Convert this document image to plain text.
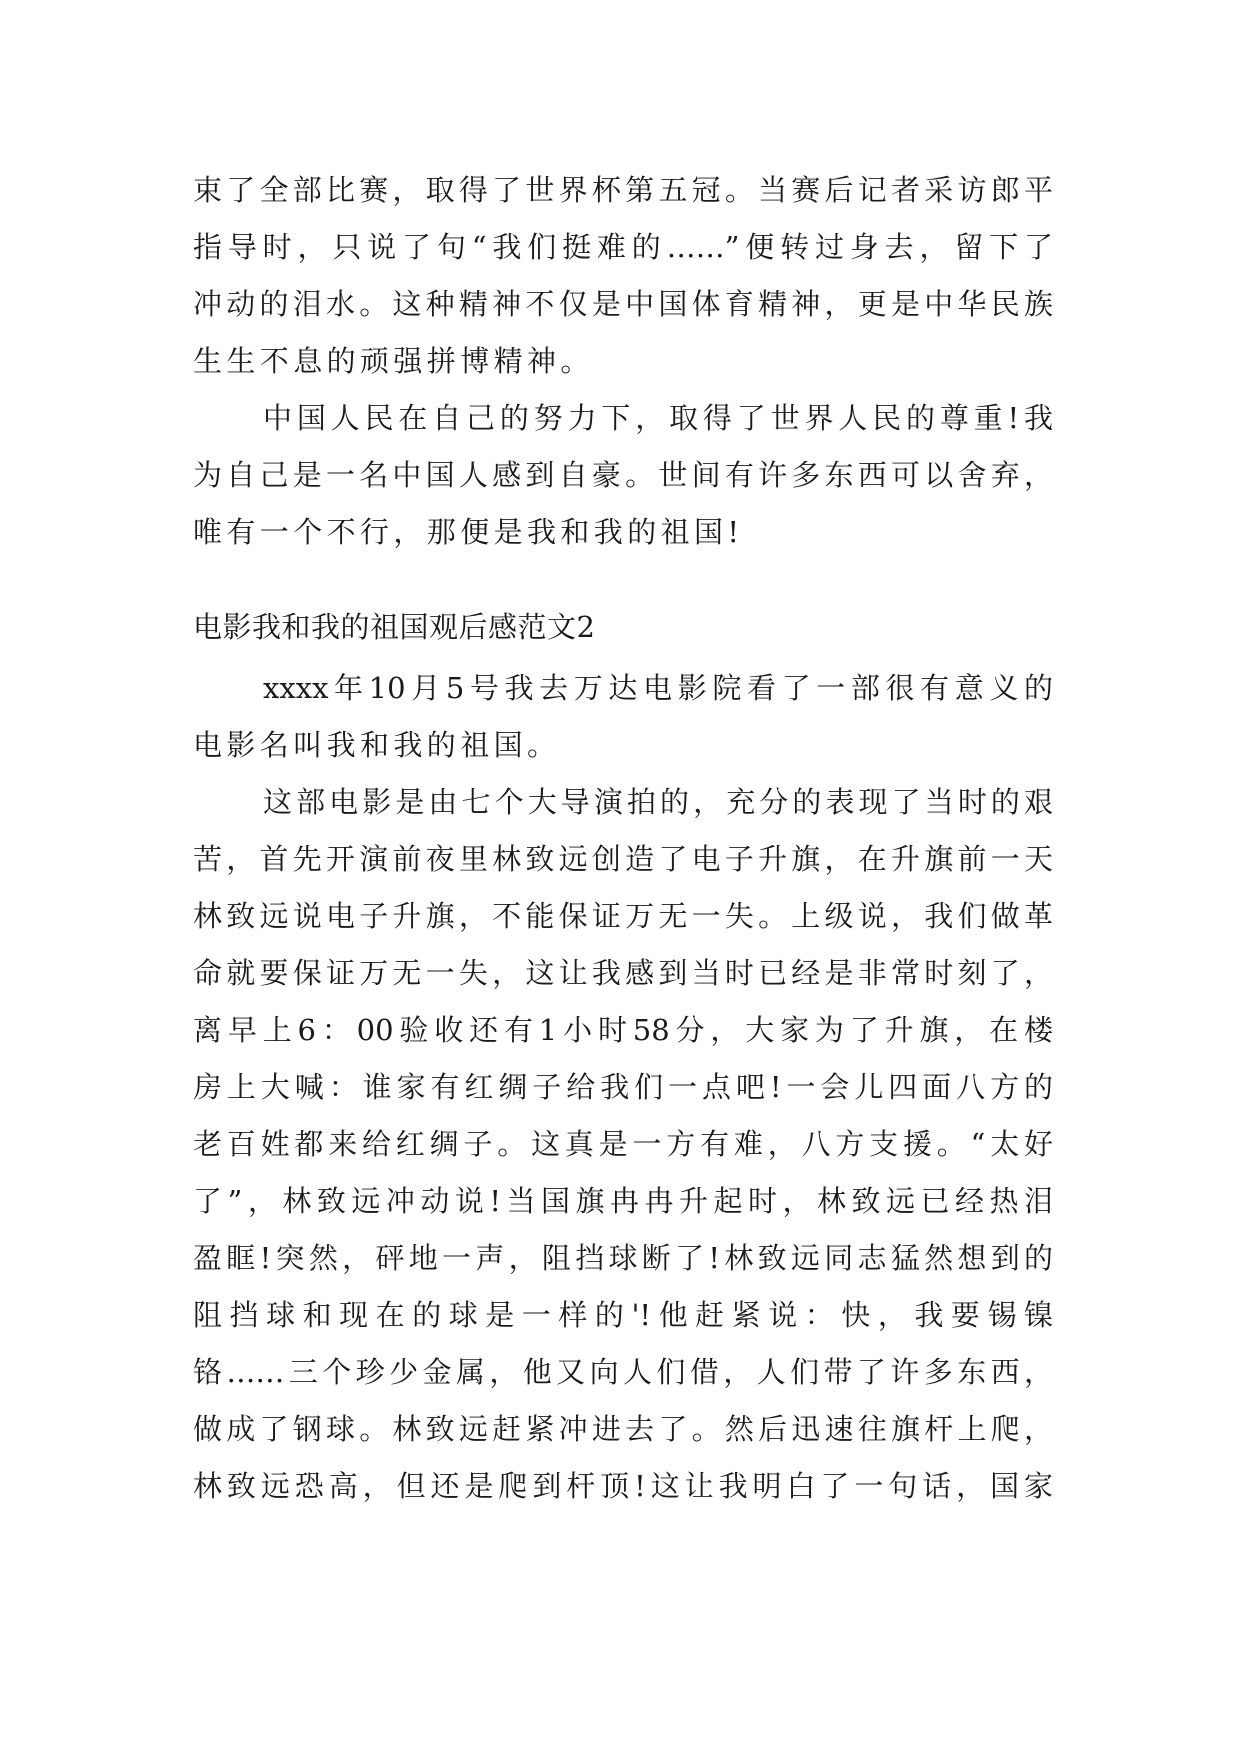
束了全部比赛，取得了世界杯第五冠。当赛后记者采访郎平
指导时，只说了句“我们挺难的……”便转过身去，留下了
冲动的泪水。这种精神不仅是中国体育精神，更是中华民族
生生不息的顽强拼博精神。
中国人民在自己的努力下，取得了世界人民的尊重!我
为自己是一名中国人感到自豪。世间有许多东西可以舍弃，
唯有一个不行，那便是我和我的祖国!
电影我和我的祖国观后感范文2
xxxx年10月5号我去万达电影院看了一部很有意义的
电影名叫我和我的祖国。
这部电影是由七个大导演拍的，充分的表现了当时的艰
苦，首先开演前夜里林致远创造了电子升旗，在升旗前一天
林致远说电子升旗，不能保证万无一失。上级说，我们做革
命就要保证万无一失，这让我感到当时已经是非常时刻了，
离早上6：00验收还有1小时58分，大家为了升旗，在楼
房上大喊：谁家有红绸子给我们一点吧!一会儿四面八方的
老百姓都来给红绸子。这真是一方有难，八方支援。“太好
了”，林致远冲动说!当国旗冉冉升起时，林致远已经热泪
盈眶!突然，砰地一声，阻挡球断了!林致远同志猛然想到的
阻挡球和现在的球是一样的'!他赶紧说：快，我要锡镍
铬……三个珍少金属，他又向人们借，人们带了许多东西，
做成了钢球。林致远赶紧冲进去了。然后迅速往旗杆上爬，
林致远恐高，但还是爬到杆顶!这让我明白了一句话，国家
